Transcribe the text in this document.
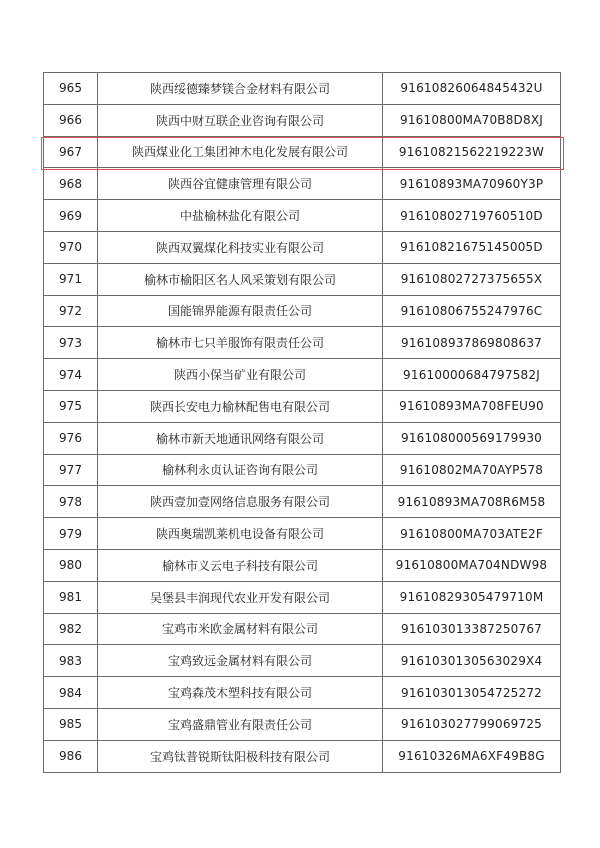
965	陕西绥德臻梦镁合金材料有限公司	91610826064845432U
966	陕西中财互联企业咨询有限公司	91610800MA70B8D8XJ
967	陕西煤业化工集团神木电化发展有限公司	91610821562219223W
968	陕西谷宜健康管理有限公司	91610893MA70960Y3P
969	中盐榆林盐化有限公司	91610802719760510D
970	陕西双翼煤化科技实业有限公司	91610821675145005D
971	榆林市榆阳区名人风采策划有限公司	91610802727375655X
972	国能锦界能源有限责任公司	91610806755247976C
973	榆林市七只羊服饰有限责任公司	916108937869808637
974	陕西小保当矿业有限公司	91610000684797582J
975	陕西长安电力榆林配售电有限公司	91610893MA708FEU90
976	榆林市新天地通讯网络有限公司	916108000569179930
977	榆林利永贞认证咨询有限公司	91610802MA70AYP578
978	陕西壹加壹网络信息服务有限公司	91610893MA708R6M58
979	陕西奥瑞凯莱机电设备有限公司	91610800MA703ATE2F
980	榆林市义云电子科技有限公司	91610800MA704NDW98
981	吴堡县丰润现代农业开发有限公司	91610829305479710M
982	宝鸡市米欧金属材料有限公司	916103013387250767
983	宝鸡致远金属材料有限公司	9161030130563029X4
984	宝鸡森茂木塑科技有限公司	916103013054725272
985	宝鸡盛鼎管业有限责任公司	916103027799069725
986	宝鸡钛普锐斯钛阳极科技有限公司	91610326MA6XF49B8G
